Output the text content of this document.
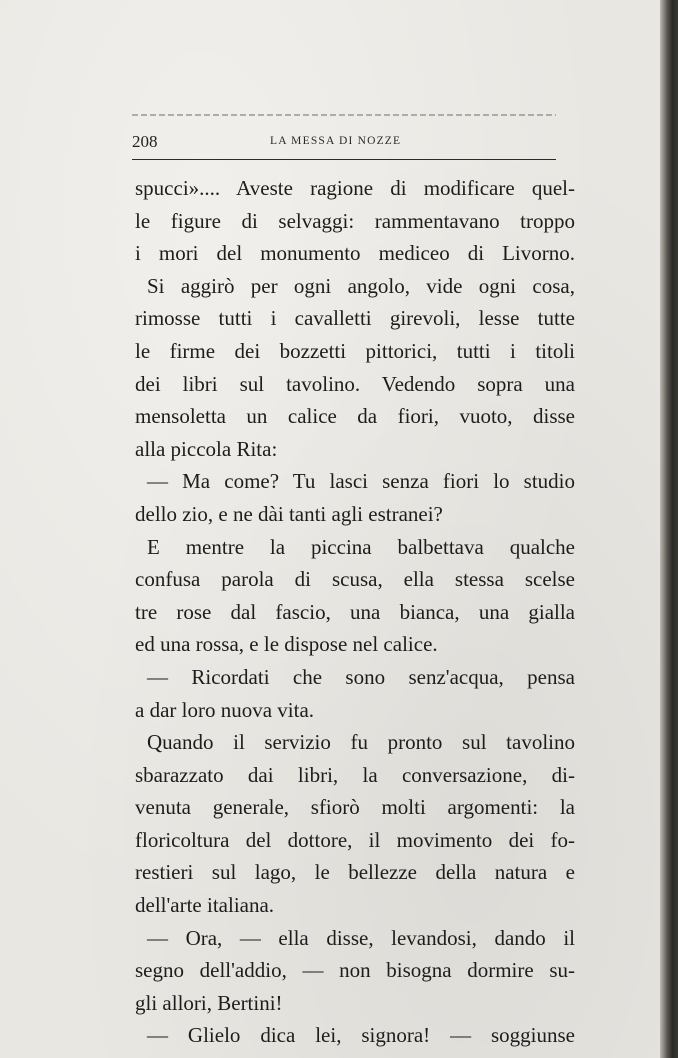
208	LA MESSA DI NOZZE
spucci».... Aveste ragione di modificare quel-
le figure di selvaggi: rammentavano troppo
i mori del monumento mediceo di Livorno.
Si aggirò per ogni angolo, vide ogni cosa,
rimosse tutti i cavalletti girevoli, lesse tutte
le firme dei bozzetti pittorici, tutti i titoli
dei libri sul tavolino. Vedendo sopra una
mensoletta un calice da fiori, vuoto, disse
alla piccola Rita:
— Ma come? Tu lasci senza fiori lo studio
dello zio, e ne dài tanti agli estranei?
E mentre la piccina balbettava qualche
confusa parola di scusa, ella stessa scelse
tre rose dal fascio, una bianca, una gialla
ed una rossa, e le dispose nel calice.
— Ricordati che sono senz'acqua, pensa
a dar loro nuova vita.
Quando il servizio fu pronto sul tavolino
sbarazzato dai libri, la conversazione, di-
venuta generale, sfiorò molti argomenti: la
floricoltura del dottore, il movimento dei fo-
restieri sul lago, le bellezze della natura e
dell'arte italiana.
— Ora, — ella disse, levandosi, dando il
segno dell'addio, — non bisogna dormire su-
gli allori, Bertini!
— Glielo dica lei, signora! — soggiunse
